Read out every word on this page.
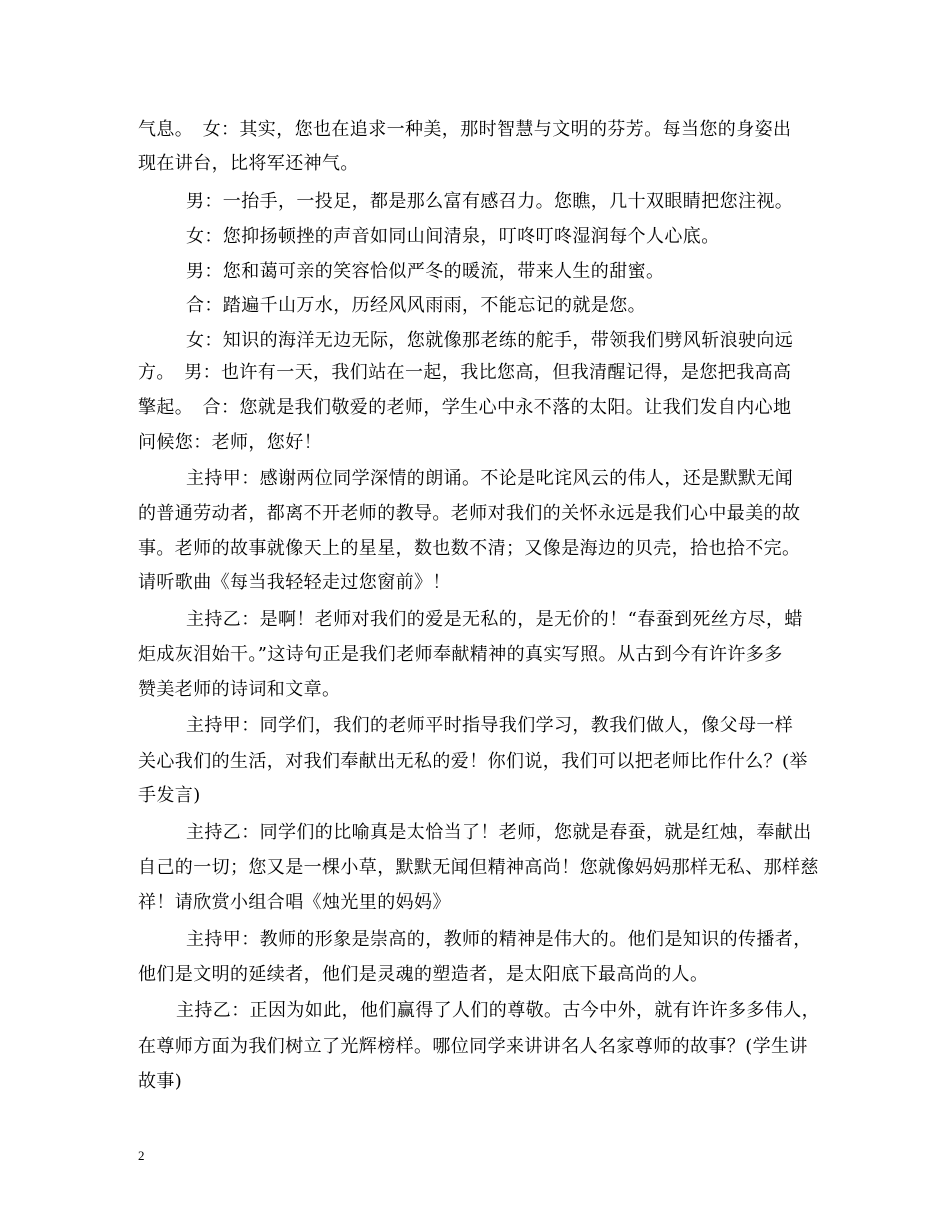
气息。　女：其实，您也在追求一种美，那时智慧与文明的芬芳。每当您的身姿出
现在讲台，比将军还神气。
男：一抬手，一投足，都是那么富有感召力。您瞧，几十双眼睛把您注视。
女：您抑扬顿挫的声音如同山间清泉，叮咚叮咚湿润每个人心底。
男：您和蔼可亲的笑容恰似严冬的暖流，带来人生的甜蜜。
合：踏遍千山万水，历经风风雨雨，不能忘记的就是您。
女：知识的海洋无边无际，您就像那老练的舵手，带领我们劈风斩浪驶向远
方。　男：也许有一天，我们站在一起，我比您高，但我清醒记得，是您把我高高
擎起。　合：您就是我们敬爱的老师，学生心中永不落的太阳。让我们发自内心地
问候您：老师，您好！
主持甲：感谢两位同学深情的朗诵。不论是叱诧风云的伟人，还是默默无闻
的普通劳动者，都离不开老师的教导。老师对我们的关怀永远是我们心中最美的故
事。老师的故事就像天上的星星，数也数不清；又像是海边的贝壳，拾也拾不完。
请听歌曲《每当我轻轻走过您窗前》！
主持乙：是啊！老师对我们的爱是无私的，是无价的！“春蚕到死丝方尽，蜡
炬成灰泪始干。”这诗句正是我们老师奉献精神的真实写照。从古到今有许许多多
赞美老师的诗词和文章。
主持甲：同学们，我们的老师平时指导我们学习，教我们做人，像父母一样
关心我们的生活，对我们奉献出无私的爱！你们说，我们可以把老师比作什么？(举
手发言)
主持乙：同学们的比喻真是太恰当了！老师，您就是春蚕，就是红烛，奉献出
自己的一切；您又是一棵小草，默默无闻但精神高尚！您就像妈妈那样无私、那样慈
祥！请欣赏小组合唱《烛光里的妈妈》
主持甲：教师的形象是崇高的，教师的精神是伟大的。他们是知识的传播者，
他们是文明的延续者，他们是灵魂的塑造者，是太阳底下最高尚的人。
主持乙：正因为如此，他们赢得了人们的尊敬。古今中外，就有许许多多伟人，
在尊师方面为我们树立了光辉榜样。哪位同学来讲讲名人名家尊师的故事？(学生讲
故事)
2
